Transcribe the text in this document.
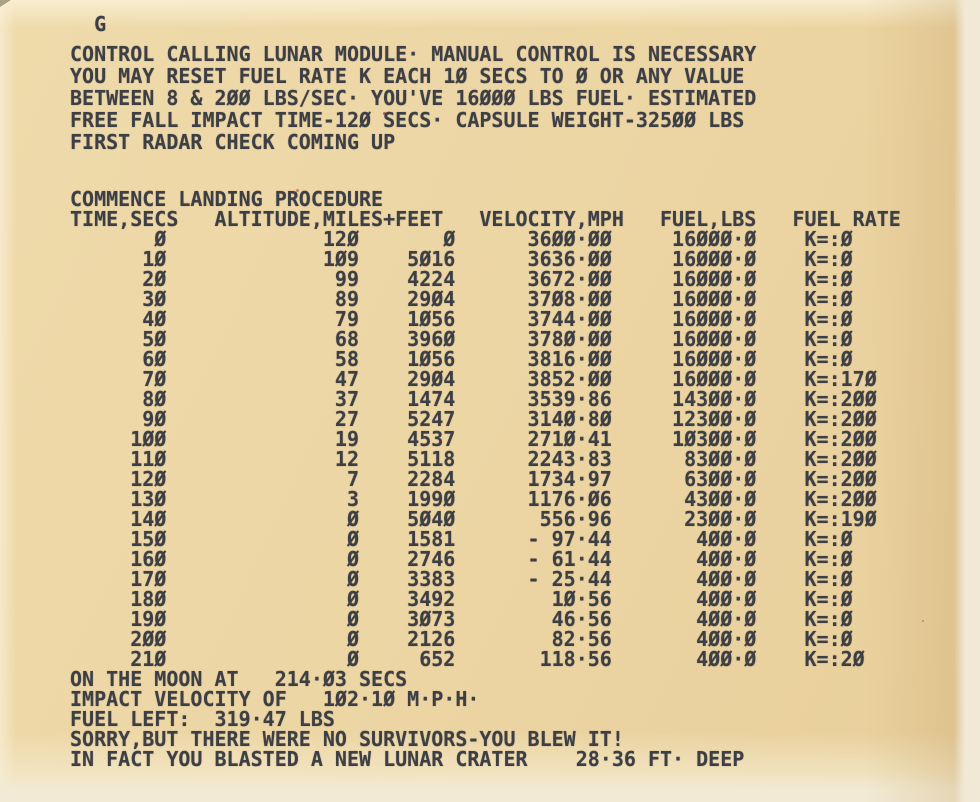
G
CONTROL CALLING LUNAR MODULE· MANUAL CONTROL IS NECESSARY
YOU MAY RESET FUEL RATE K EACH 1Ø SECS TO Ø OR ANY VALUE
BETWEEN 8 & 2ØØ LBS/SEC· YOU'VE 16ØØØ LBS FUEL· ESTIMATED
FREE FALL IMPACT TIME-12Ø SECS· CAPSULE WEIGHT-325ØØ LBS
FIRST RADAR CHECK COMING UP
COMMENCE LANDING PROCEDURE
TIME,SECS   ALTITUDE,MILES+FEET   VELOCITY,MPH   FUEL,LBS   FUEL RATE
Ø             12Ø       Ø      36ØØ·ØØ     16ØØØ·Ø    K=:Ø
1Ø             1Ø9    5Ø16      3636·ØØ     16ØØØ·Ø    K=:Ø
2Ø              99    4224      3672·ØØ     16ØØØ·Ø    K=:Ø
3Ø              89    29Ø4      37Ø8·ØØ     16ØØØ·Ø    K=:Ø
4Ø              79    1Ø56      3744·ØØ     16ØØØ·Ø    K=:Ø
5Ø              68    396Ø      378Ø·ØØ     16ØØØ·Ø    K=:Ø
6Ø              58    1Ø56      3816·ØØ     16ØØØ·Ø    K=:Ø
7Ø              47    29Ø4      3852·ØØ     16ØØØ·Ø    K=:17Ø
8Ø              37    1474      3539·86     143ØØ·Ø    K=:2ØØ
9Ø              27    5247      314Ø·8Ø     123ØØ·Ø    K=:2ØØ
1ØØ              19    4537      271Ø·41     1Ø3ØØ·Ø    K=:2ØØ
11Ø              12    5118      2243·83      83ØØ·Ø    K=:2ØØ
12Ø               7    2284      1734·97      63ØØ·Ø    K=:2ØØ
13Ø               3    199Ø      1176·Ø6      43ØØ·Ø    K=:2ØØ
14Ø               Ø    5Ø4Ø       556·96      23ØØ·Ø    K=:19Ø
15Ø               Ø    1581      - 97·44       4ØØ·Ø    K=:Ø
16Ø               Ø    2746      - 61·44       4ØØ·Ø    K=:Ø
17Ø               Ø    3383      - 25·44       4ØØ·Ø    K=:Ø
18Ø               Ø    3492        1Ø·56       4ØØ·Ø    K=:Ø
19Ø               Ø    3Ø73        46·56       4ØØ·Ø    K=:Ø
2ØØ               Ø    2126        82·56       4ØØ·Ø    K=:Ø
21Ø               Ø     652       118·56       4ØØ·Ø    K=:2Ø
ON THE MOON AT   214·Ø3 SECS
IMPACT VELOCITY OF   1Ø2·1Ø M·P·H·
FUEL LEFT:  319·47 LBS
SORRY,BUT THERE WERE NO SURVIVORS-YOU BLEW IT!
IN FACT YOU BLASTED A NEW LUNAR CRATER    28·36 FT· DEEP
